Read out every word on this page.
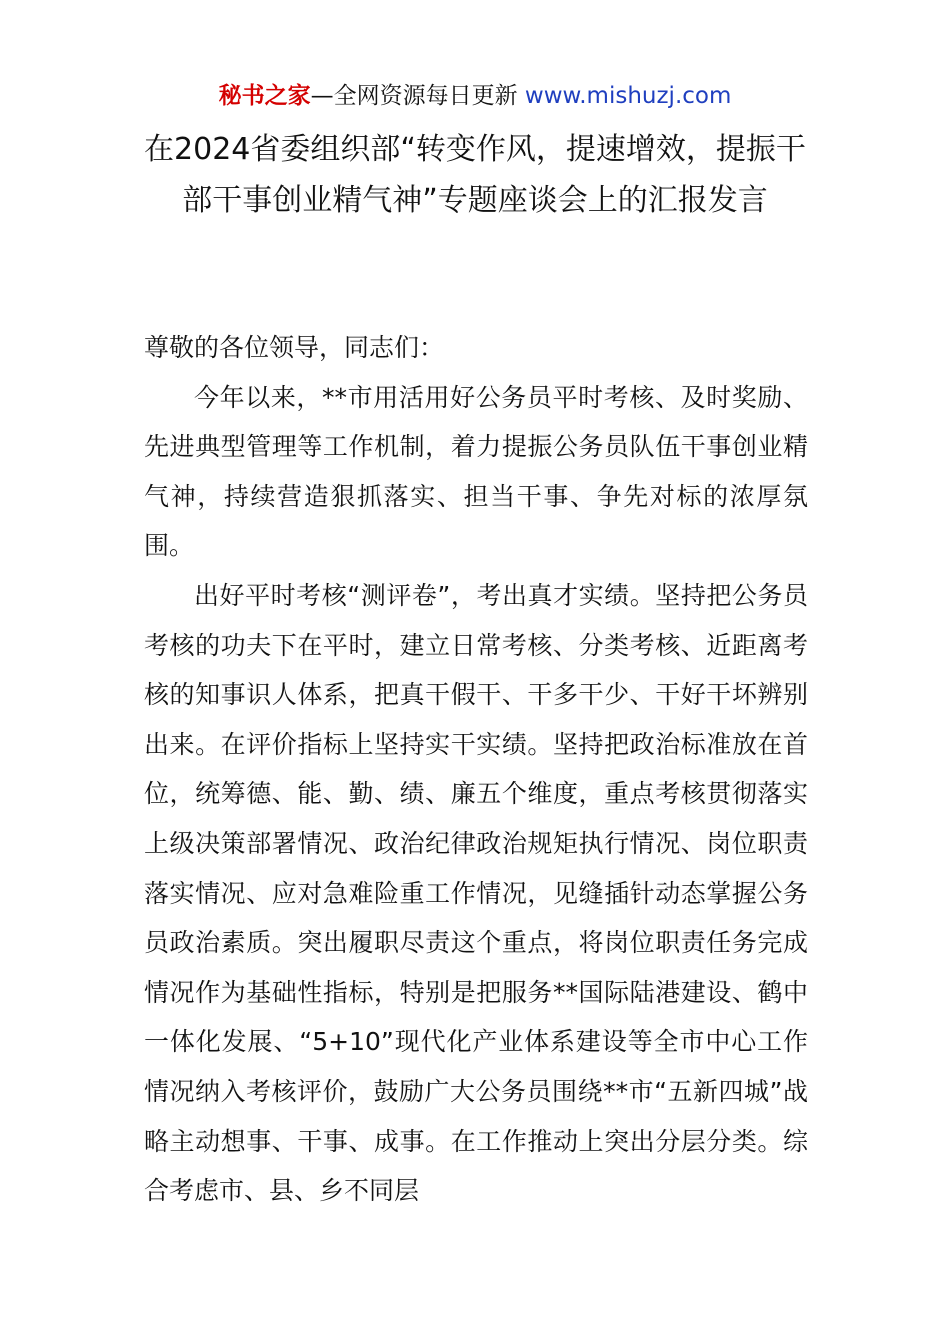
秘书之家—全网资源每日更新 www.mishuzj.com
在2024省委组织部“转变作风，提速增效，提振干部干事创业精气神”专题座谈会上的汇报发言

尊敬的各位领导，同志们：

今年以来，**市用活用好公务员平时考核、及时奖励、先进典型管理等工作机制，着力提振公务员队伍干事创业精气神，持续营造狠抓落实、担当干事、争先对标的浓厚氛围。

出好平时考核“测评卷”，考出真才实绩。坚持把公务员考核的功夫下在平时，建立日常考核、分类考核、近距离考核的知事识人体系，把真干假干、干多干少、干好干坏辨别出来。在评价指标上坚持实干实绩。坚持把政治标准放在首位，统筹德、能、勤、绩、廉五个维度，重点考核贯彻落实上级决策部署情况、政治纪律政治规矩执行情况、岗位职责落实情况、应对急难险重工作情况，见缝插针动态掌握公务员政治素质。突出履职尽责这个重点，将岗位职责任务完成情况作为基础性指标，特别是把服务**国际陆港建设、鹤中一体化发展、“5+10”现代化产业体系建设等全市中心工作情况纳入考核评价，鼓励广大公务员围绕**市“五新四城”战略主动想事、干事、成事。在工作推动上突出分层分类。综合考虑市、县、乡不同层
